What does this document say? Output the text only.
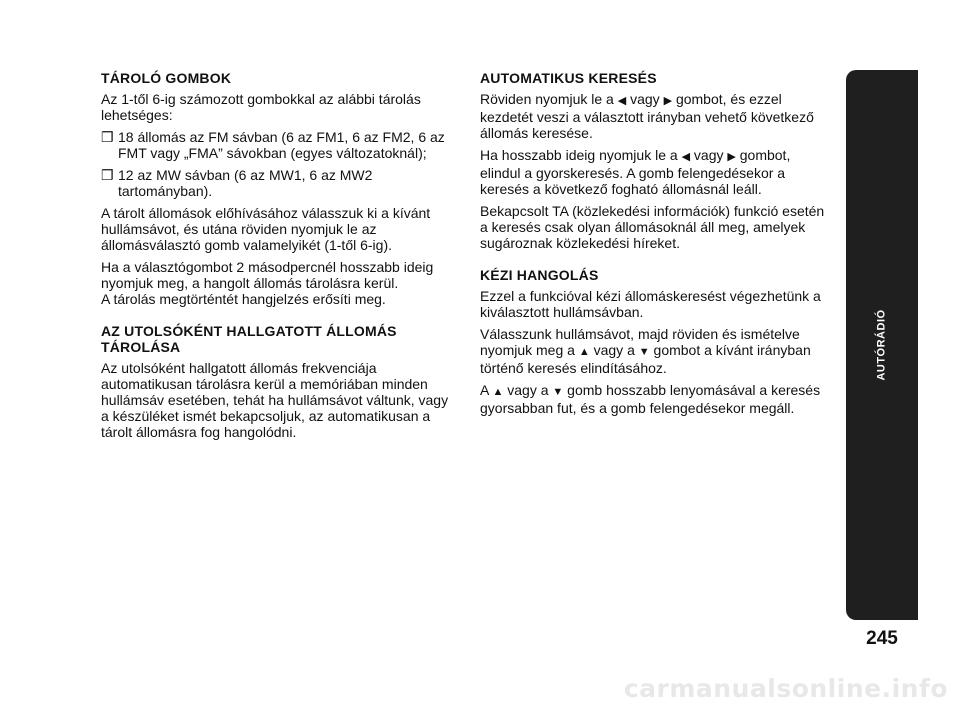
TÁROLÓ GOMBOK

Az 1-től 6-ig számozott gombokkal az alábbi tárolás lehetséges:

❒ 18 állomás az FM sávban (6 az FM1, 6 az FM2, 6 az FMT vagy „FMA” sávokban (egyes változatoknál);
❒ 12 az MW sávban (6 az MW1, 6 az MW2 tartományban).

A tárolt állomások előhívásához válasszuk ki a kívánt hullámsávot, és utána röviden nyomjuk le az állomásválasztó gomb valamelyikét (1-től 6-ig).

Ha a választógombot 2 másodpercnél hosszabb ideig nyomjuk meg, a hangolt állomás tárolásra kerül.

A tárolás megtörténtét hangjelzés erősíti meg.

AZ UTOLSÓKÉNT HALLGATOTT ÁLLOMÁS TÁROLÁSA

Az utolsóként hallgatott állomás frekvenciája automatikusan tárolásra kerül a memóriában minden hullámsáv esetében, tehát ha hullámsávot váltunk, vagy a készüléket ismét bekapcsoljuk, az automatikusan a tárolt állomásra fog hangolódni.

AUTOMATIKUS KERESÉS

Röviden nyomjuk le a ◀ vagy ▶ gombot, és ezzel kezdetét veszi a választott irányban vehető következő állomás keresése.

Ha hosszabb ideig nyomjuk le a ◀ vagy ▶ gombot, elindul a gyorskeresés. A gomb felengedésekor a keresés a következő fogható állomásnál leáll.

Bekapcsolt TA (közlekedési információk) funkció esetén a keresés csak olyan állomásoknál áll meg, amelyek sugároznak közlekedési híreket.

KÉZI HANGOLÁS

Ezzel a funkcióval kézi állomáskeresést végezhetünk a kiválasztott hullámsávban.

Válasszunk hullámsávot, majd röviden és ismételve nyomjuk meg a ▲ vagy a ▼ gombot a kívánt irányban történő keresés elindításához.

A ▲ vagy a ▼ gomb hosszabb lenyomásával a keresés gyorsabban fut, és a gomb felengedésekor megáll.

AUTÓRÁDIÓ
245
carmanualsonline.info
